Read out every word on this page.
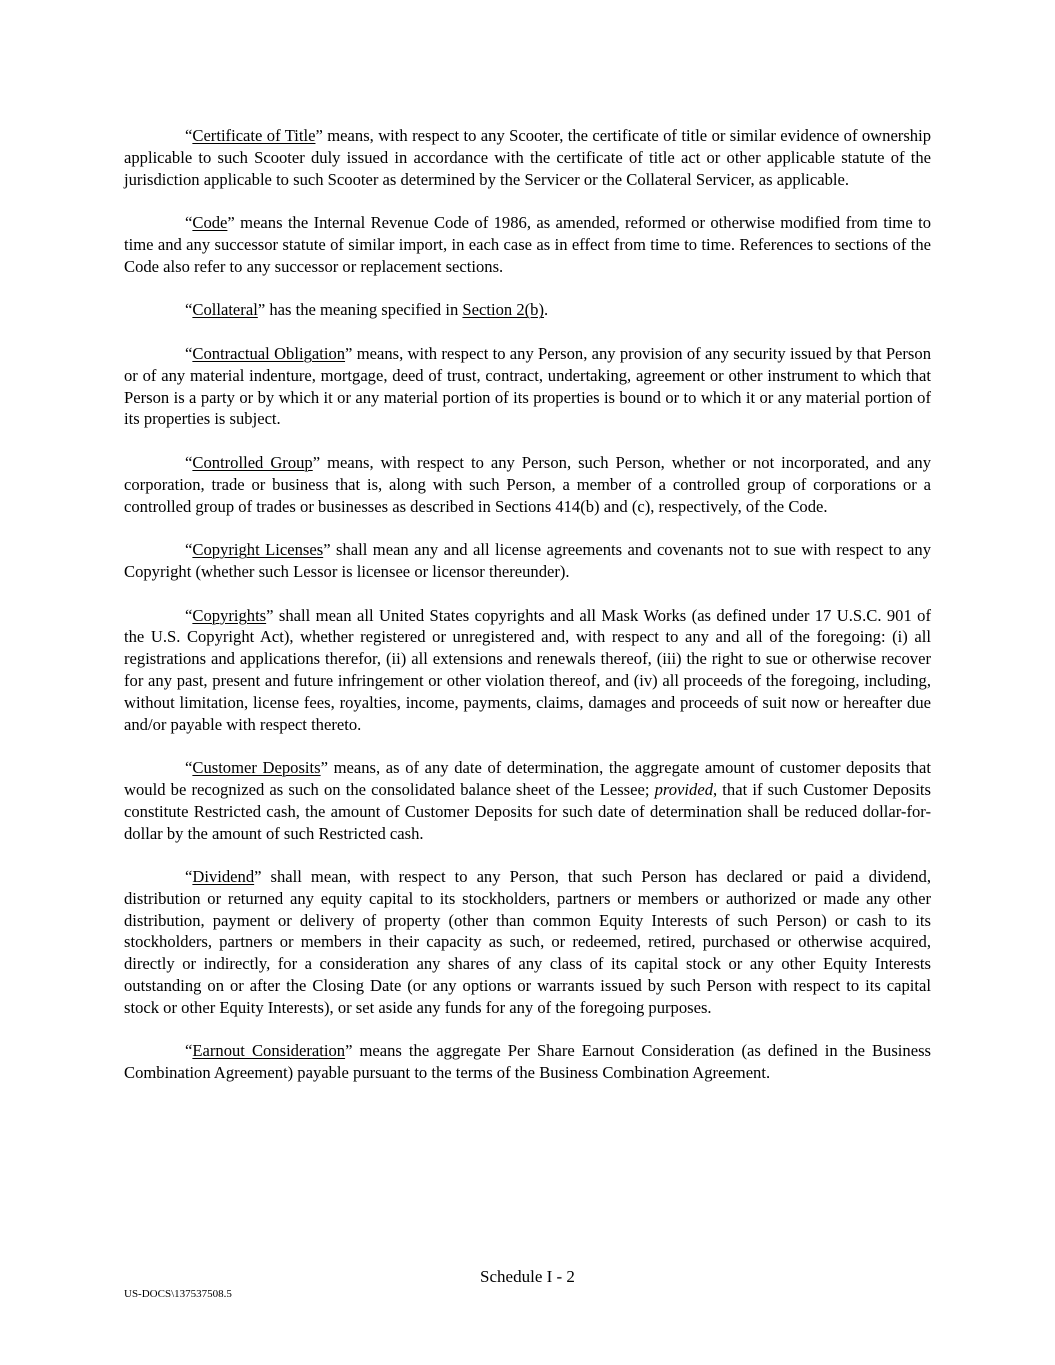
“Certificate of Title” means, with respect to any Scooter, the certificate of title or similar evidence of ownership applicable to such Scooter duly issued in accordance with the certificate of title act or other applicable statute of the jurisdiction applicable to such Scooter as determined by the Servicer or the Collateral Servicer, as applicable.

“Code” means the Internal Revenue Code of 1986, as amended, reformed or otherwise modified from time to time and any successor statute of similar import, in each case as in effect from time to time. References to sections of the Code also refer to any successor or replacement sections.

“Collateral” has the meaning specified in Section 2(b).

“Contractual Obligation” means, with respect to any Person, any provision of any security issued by that Person or of any material indenture, mortgage, deed of trust, contract, undertaking, agreement or other instrument to which that Person is a party or by which it or any material portion of its properties is bound or to which it or any material portion of its properties is subject.

“Controlled Group” means, with respect to any Person, such Person, whether or not incorporated, and any corporation, trade or business that is, along with such Person, a member of a controlled group of corporations or a controlled group of trades or businesses as described in Sections 414(b) and (c), respectively, of the Code.

“Copyright Licenses” shall mean any and all license agreements and covenants not to sue with respect to any Copyright (whether such Lessor is licensee or licensor thereunder).

“Copyrights” shall mean all United States copyrights and all Mask Works (as defined under 17 U.S.C. 901 of the U.S. Copyright Act), whether registered or unregistered and, with respect to any and all of the foregoing: (i) all registrations and applications therefor, (ii) all extensions and renewals thereof, (iii) the right to sue or otherwise recover for any past, present and future infringement or other violation thereof, and (iv) all proceeds of the foregoing, including, without limitation, license fees, royalties, income, payments, claims, damages and proceeds of suit now or hereafter due and/or payable with respect thereto.

“Customer Deposits” means, as of any date of determination, the aggregate amount of customer deposits that would be recognized as such on the consolidated balance sheet of the Lessee; provided, that if such Customer Deposits constitute Restricted cash, the amount of Customer Deposits for such date of determination shall be reduced dollar-for-dollar by the amount of such Restricted cash.

“Dividend” shall mean, with respect to any Person, that such Person has declared or paid a dividend, distribution or returned any equity capital to its stockholders, partners or members or authorized or made any other distribution, payment or delivery of property (other than common Equity Interests of such Person) or cash to its stockholders, partners or members in their capacity as such, or redeemed, retired, purchased or otherwise acquired, directly or indirectly, for a consideration any shares of any class of its capital stock or any other Equity Interests outstanding on or after the Closing Date (or any options or warrants issued by such Person with respect to its capital stock or other Equity Interests), or set aside any funds for any of the foregoing purposes.

“Earnout Consideration” means the aggregate Per Share Earnout Consideration (as defined in the Business Combination Agreement) payable pursuant to the terms of the Business Combination Agreement.

Schedule I - 2
US-DOCS\137537508.5
